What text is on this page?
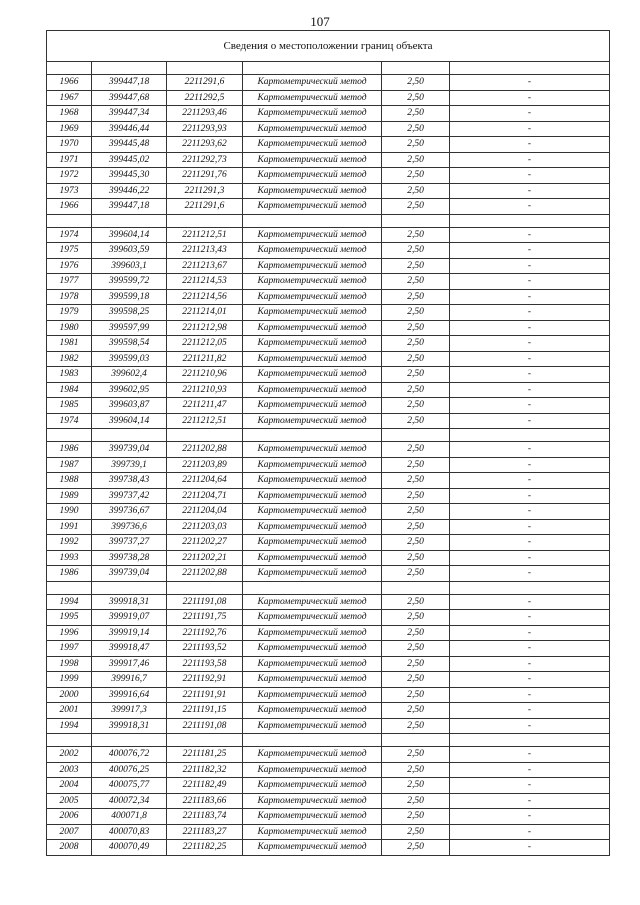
107
Сведения о местоположении границ объекта					

1966	399447,18	2211291,6	Картометрический метод	2,50	-
1967	399447,68	2211292,5	Картометрический метод	2,50	-
1968	399447,34	2211293,46	Картометрический метод	2,50	-
1969	399446,44	2211293,93	Картометрический метод	2,50	-
1970	399445,48	2211293,62	Картометрический метод	2,50	-
1971	399445,02	2211292,73	Картометрический метод	2,50	-
1972	399445,30	2211291,76	Картометрический метод	2,50	-
1973	399446,22	2211291,3	Картометрический метод	2,50	-
1966	399447,18	2211291,6	Картометрический метод	2,50	-

1974	399604,14	2211212,51	Картометрический метод	2,50	-
1975	399603,59	2211213,43	Картометрический метод	2,50	-
1976	399603,1	2211213,67	Картометрический метод	2,50	-
1977	399599,72	2211214,53	Картометрический метод	2,50	-
1978	399599,18	2211214,56	Картометрический метод	2,50	-
1979	399598,25	2211214,01	Картометрический метод	2,50	-
1980	399597,99	2211212,98	Картометрический метод	2,50	-
1981	399598,54	2211212,05	Картометрический метод	2,50	-
1982	399599,03	2211211,82	Картометрический метод	2,50	-
1983	399602,4	2211210,96	Картометрический метод	2,50	-
1984	399602,95	2211210,93	Картометрический метод	2,50	-
1985	399603,87	2211211,47	Картометрический метод	2,50	-
1974	399604,14	2211212,51	Картометрический метод	2,50	-

1986	399739,04	2211202,88	Картометрический метод	2,50	-
1987	399739,1	2211203,89	Картометрический метод	2,50	-
1988	399738,43	2211204,64	Картометрический метод	2,50	-
1989	399737,42	2211204,71	Картометрический метод	2,50	-
1990	399736,67	2211204,04	Картометрический метод	2,50	-
1991	399736,6	2211203,03	Картометрический метод	2,50	-
1992	399737,27	2211202,27	Картометрический метод	2,50	-
1993	399738,28	2211202,21	Картометрический метод	2,50	-
1986	399739,04	2211202,88	Картометрический метод	2,50	-

1994	399918,31	2211191,08	Картометрический метод	2,50	-
1995	399919,07	2211191,75	Картометрический метод	2,50	-
1996	399919,14	2211192,76	Картометрический метод	2,50	-
1997	399918,47	2211193,52	Картометрический метод	2,50	-
1998	399917,46	2211193,58	Картометрический метод	2,50	-
1999	399916,7	2211192,91	Картометрический метод	2,50	-
2000	399916,64	2211191,91	Картометрический метод	2,50	-
2001	399917,3	2211191,15	Картометрический метод	2,50	-
1994	399918,31	2211191,08	Картометрический метод	2,50	-

2002	400076,72	2211181,25	Картометрический метод	2,50	-
2003	400076,25	2211182,32	Картометрический метод	2,50	-
2004	400075,77	2211182,49	Картометрический метод	2,50	-
2005	400072,34	2211183,66	Картометрический метод	2,50	-
2006	400071,8	2211183,74	Картометрический метод	2,50	-
2007	400070,83	2211183,27	Картометрический метод	2,50	-
2008	400070,49	2211182,25	Картометрический метод	2,50	-
